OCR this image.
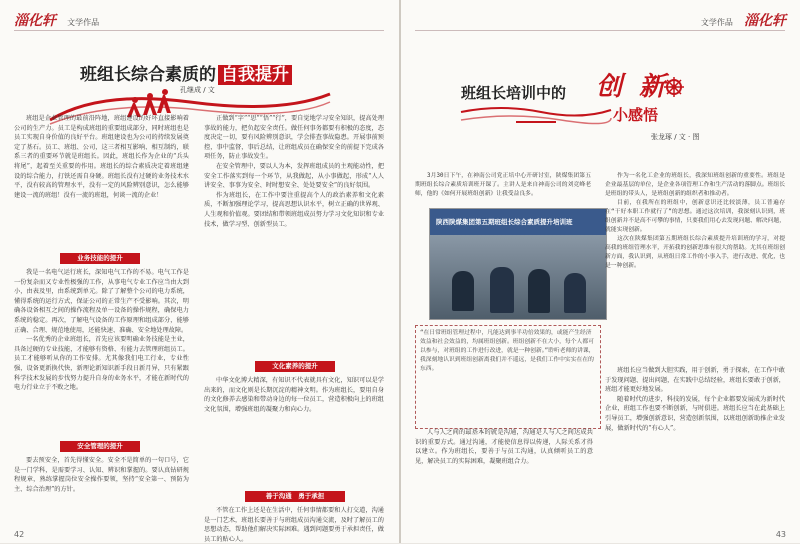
淄化轩 文学作品
班组长综合素质的 自我提升
孔继成 / 文

班组是企业管理的最前沿阵地，班组建设的好坏直接影响着公司的生产力。员工是构成班组的重要组成部分，同时班组也是员工实现自身价值的良好平台。班组建设也为公司的持续发展奠定了基石。员工、班组、公司，这三者相互影响、相互制约，联系三者的重要环节就是班组长。因此，班组长作为企业的“兵头将尾”，起着至关重要的作用。班组长的综合素质决定着班组建设的综合能力，打铁还需自身硬。班组长没有过硬的业务技术水平，没有较高的管理水平，没有一定的风险辨别意识，怎么能够建设一流的班组！没有一流的班组，何谈一流的企业！

业务技能的提升

我是一名电气运行班长，深知电气工作的不易。电气工作是一份复杂而又专业性极强的工作，从事电气专业工作应当由大到小，由表及里，由系统到单元。除了了解整个公司的电力系统，懂得系统的运行方式，保证公司的正常生产不受影响。其次，明确各设备相互之间的操作流程及单一设备的操作规程，确保电力系统的稳定。再次，了解电气设备的工作原理和组成部分，能够正确、合理、规范地使用，还能快速、准确、安全地处理故障。

一名优秀的企业班组长，首先应该要明确业务技能是主业，具备过硬的专业技能，才能够有资格、有能力去管理班组员工。员工才能够听从你的工作安排。尤其像我们电工行业，专业性强，设备更新换代快，新理论新知识新手段日新月异，只有紧跟科学技术发展的步伐努力提升自身的业务水平，才能在新时代的电力行业立于不败之地。

安全管理的提升

要去预安全，首先得懂安全。安全不是简单的一句口号，它是一门学科，是需要学习、认知、辨识和掌握的。要认真钻研规程规章，熟练掌握岗位安全操作要领，坚持“安全第一、预防为主、综合治理”的方针。

正做到“字”“思”“悟”“行”，要自觉地学习安全知识，提高处理事故的能力，把负起安全责任。做任何事务都要有积极的态度，态度决定一切，要有风险辨别意识，学会排查事故隐患。开展事前预控，事中监督，事后总结，让班组成员在确保安全的前提下完成各项任务，防止事故发生。

在安全管理中，要以人为本，发挥班组成员的主观能动性，把安全工作落实到每一个环节，从我做起，从小事做起，形成“人人讲安全、事事为安全、时时想安全、处处要安全”的良好氛围。

作为班组长，在工作中要注重提高个人的政治素养和文化素质，不断加强理论学习，提高思想认识水平，树立正确的世界观、人生观和价值观。要团结和带领班组成员努力学习文化知识和专业技术，做学习型、创新型员工。

文化素养的提升

中华文化博大精深，有知识不代表就具有文化，知识可以是学出来的，而文化则是长期沉淀的精神文明。作为班组长，要用自身的文化修养去感染和带动身边的每一位员工，营造积极向上的班组文化氛围，增强班组的凝聚力和向心力。

善于沟通　勇于承担

不管在工作上还是在生活中，任何事情都要和人打交道，沟通是一门艺术，班组长要善于与班组成员沟通交流，及时了解员工的思想动态，帮助他们解决实际困难。遇到问题要勇于承担责任，做员工的贴心人。

42
文学作品 淄化轩
班组长培训中的 创 新
小感悟
张龙琢 / 文 · 图

3月30日下午，在神南公司党正培中心开研讨室，陕煤集团第五期班组长综合素质培训班开课了。主讲人是来自神南公司的刘竞峰老师，他的《如何开展班组创新》让我受益良多。

陕西陕煤集团第五期班组长综合素质提升培训班
“在日常班组管理过程中，凡能达到事半功倍效果的，或能产生经济效益和社会效益的，均属班组创新。班组创新不在大小，每个人都可以参与，对班组的工作进行改进，就是一种创新。”聆听老师的讲课，我深刻地认识到班组创新离我们并不遥远，是我们工作中实实在在的东西。

人与人之间的最基本的就是沟通，沟通是人与人之间达成共识的重要方式。通过沟通，才能使信息得以传递，人际关系才得以建立。作为班组长，要善于与员工沟通，认真倾听员工的意见，解决员工的实际困难，凝聚班组合力。

作为一名化工企业的班组长，我深知班组创新的重要性。班组是企业最基层的单位，是企业各项管理工作和生产活动的落脚点。班组长是班组的带头人，是班组创新的组织者和推动者。

目前，在我所在的班组中，创新意识还比较淡薄，员工普遍存在“干好本职工作就行了”的思想。通过这次培训，我深刻认识到，班组创新并不是高不可攀的事情，只要我们用心去发现问题、解决问题，就能实现创新。

这次在陕煤集团第五期班组长综合素质提升培训班的学习，对提高我的班组管理水平，开拓我的创新思维有很大的帮助。尤其在班组创新方面，我认识到，从班组日常工作的小事入手，进行改进、优化，也是一种创新。

班组长应当做到大胆实践，用于创新，勇于探索，在工作中敢于发现问题、提出问题，在实践中总结经验，班组长要敢于创新，班组才能更好地发展。

随着时代的进步，科技的发展，每个企业都要发展成为新时代企业，班组工作也要不断创新，与时俱进。班组长应当在此基础上引导员工，增强创新意识，营造创新氛围，以班组创新助推企业发展，做新时代的“有心人”。

43
